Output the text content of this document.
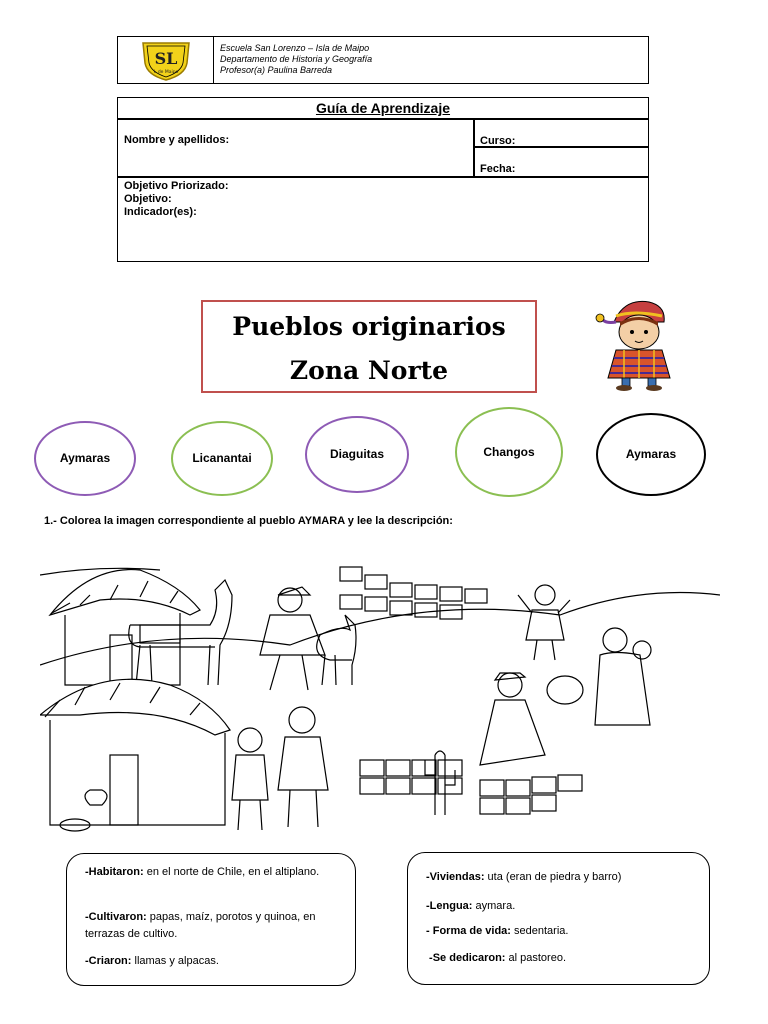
SL
I. de Maipo
Escuela San Lorenzo – Isla de Maipo
Departamento de Historia y Geografía
Profesor(a) Paulina Barreda
Guía de Aprendizaje
Nombre y apellidos:	Curso:
Fecha:
Objetivo Priorizado:
Objetivo:
Indicador(es):
Pueblos originarios
Zona Norte
Aymaras	Licanantai	Diaguitas	Changos	Aymaras
1.- Colorea la imagen correspondiente al pueblo AYMARA y lee la descripción:

-Habitaron: en el norte de Chile, en el altiplano.

-Cultivaron: papas, maíz, porotos y quinoa, en terrazas de cultivo.

-Criaron: llamas y alpacas.

-Viviendas: uta (eran de piedra y barro)

-Lengua: aymara.

- Forma de vida: sedentaria.

-Se dedicaron: al pastoreo.
